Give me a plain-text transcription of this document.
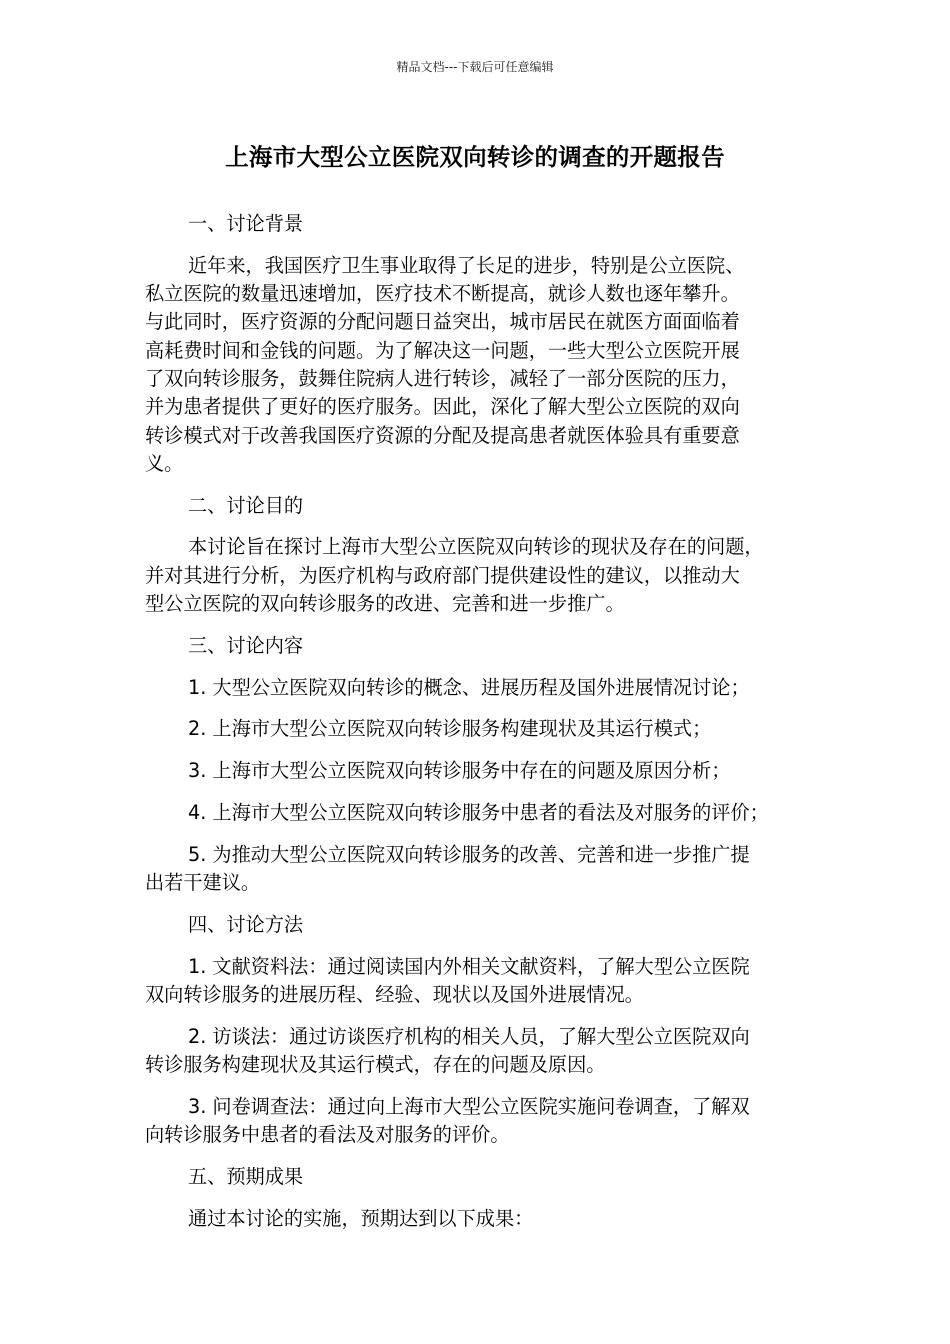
精品文档---下载后可任意编辑
上海市大型公立医院双向转诊的调查的开题报告
一、讨论背景
近年来，我国医疗卫生事业取得了长足的进步，特别是公立医院、
私立医院的数量迅速增加，医疗技术不断提高，就诊人数也逐年攀升。
与此同时，医疗资源的分配问题日益突出，城市居民在就医方面面临着
高耗费时间和金钱的问题。为了解决这一问题，一些大型公立医院开展
了双向转诊服务，鼓舞住院病人进行转诊，减轻了一部分医院的压力，
并为患者提供了更好的医疗服务。因此，深化了解大型公立医院的双向
转诊模式对于改善我国医疗资源的分配及提高患者就医体验具有重要意
义。
二、讨论目的
本讨论旨在探讨上海市大型公立医院双向转诊的现状及存在的问题，
并对其进行分析，为医疗机构与政府部门提供建设性的建议，以推动大
型公立医院的双向转诊服务的改进、完善和进一步推广。
三、讨论内容
1. 大型公立医院双向转诊的概念、进展历程及国外进展情况讨论；
2. 上海市大型公立医院双向转诊服务构建现状及其运行模式；
3. 上海市大型公立医院双向转诊服务中存在的问题及原因分析；
4. 上海市大型公立医院双向转诊服务中患者的看法及对服务的评价；
5. 为推动大型公立医院双向转诊服务的改善、完善和进一步推广提
出若干建议。
四、讨论方法
1. 文献资料法：通过阅读国内外相关文献资料，了解大型公立医院
双向转诊服务的进展历程、经验、现状以及国外进展情况。
2. 访谈法：通过访谈医疗机构的相关人员，了解大型公立医院双向
转诊服务构建现状及其运行模式，存在的问题及原因。
3. 问卷调查法：通过向上海市大型公立医院实施问卷调查，了解双
向转诊服务中患者的看法及对服务的评价。
五、预期成果
通过本讨论的实施，预期达到以下成果：
